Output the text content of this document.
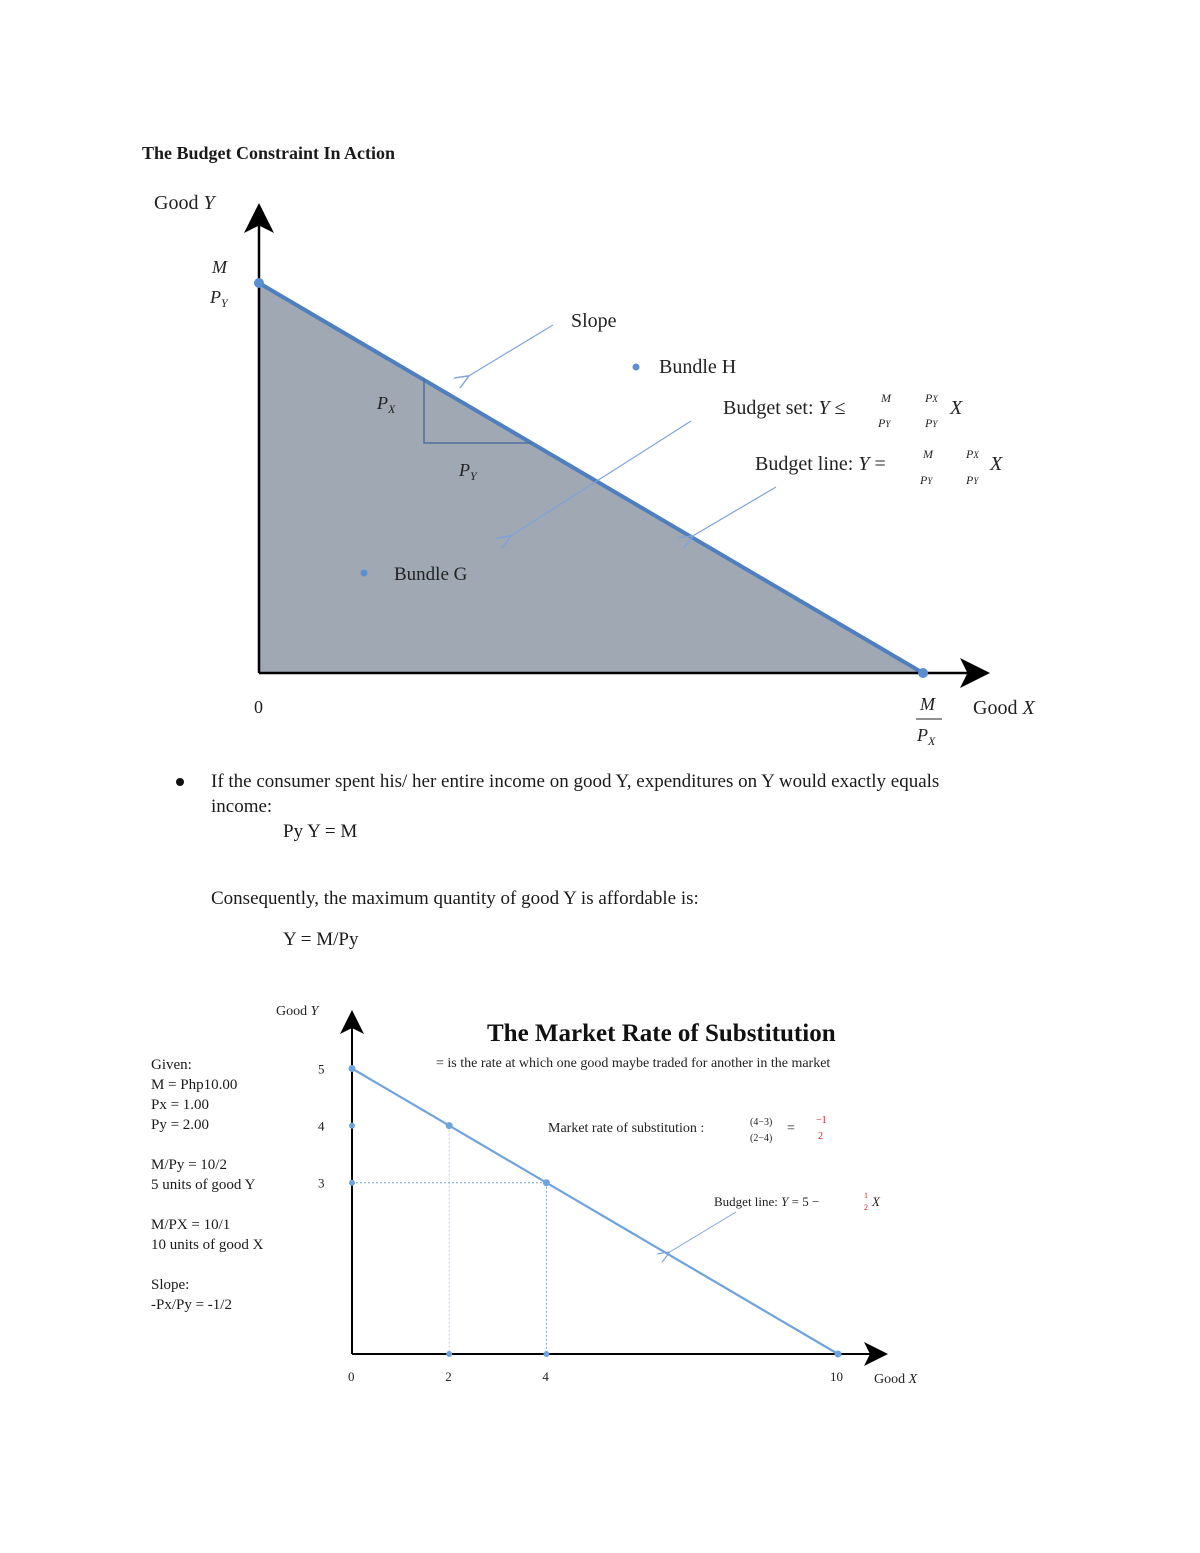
The Budget Constraint In Action
Good Y
Good X
0
M
$P_Y$
M
$P_X$
Slope
$P_X$
$P_Y$
Bundle H
Bundle G
Budget set: Y ≤	M
PY
PX
PY
X
Budget line: Y =	M
PY
PX
PY
X
0	2	4	10
5
4
3
Good Y
Good X
The Market Rate of Substitution
= is the rate at which one good maybe traded for another in the market
Market rate of substitution :	(4−3)
(2−4)
=
−1
2
Budget line: Y = 5 −	1
2 X
If the consumer spent his/ her entire income on good Y, expenditures on Y would exactly equals
income:
Py Y = M
Consequently, the maximum quantity of good Y is affordable is:
Y = M/Py
Given:
M = Php10.00
Px = 1.00
Py = 2.00
M/Py = 10/2
5 units of good Y
M/PX = 10/1
10 units of good X
Slope:
-Px/Py = -1/2
